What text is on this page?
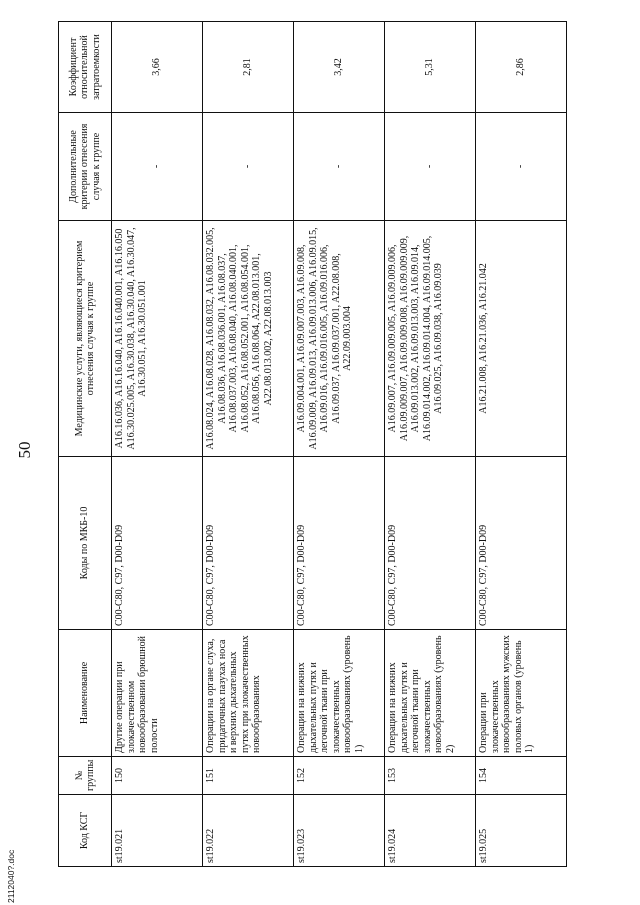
50
2112040?.doc
Код КСГ	№ группы	Наименование	Коды по МКБ-10	Медицинские услуги, являющиеся критерием отнесения случая к группе	Дополнительные критерии отнесения случая к группе	Коэффициент относительной затратоемкости
st19.021	150	Другие операции при злокачественном новообразовании брюшной полости	C00-C80, C97, D00-D09	A16.16.036, A16.16.040, A16.16.040.001, A16.16.050 A16.30.025.005, A16.30.038, A16.30.040, A16.30.047, A16.30.051, A16.30.051.001	-	3,66
st19.022	151	Операции на органе слуха, придаточных пазухах носа и верхних дыхательных путях при злокачественных новообразованиях	C00-C80, C97, D00-D09	A16.08.024, A16.08.028, A16.08.032, A16.08.032.005, A16.08.036, A16.08.036.001, A16.08.037, A16.08.037.003, A16.08.040, A16.08.040.001, A16.08.052, A16.08.052.001, A16.08.054.001, A16.08.056, A16.08.064, A22.08.013.001, A22.08.013.002, A22.08.013.003	-	2,81
st19.023	152	Операции на нижних дыхательных путях и легочной ткани при злокачественных новообразованиях (уровень 1)	C00-C80, C97, D00-D09	A16.09.004.001, A16.09.007.003, A16.09.008, A16.09.009, A16.09.013, A16.09.013.006, A16.09.015, A16.09.016, A16.09.016.005, A16.09.016.006, A16.09.037, A16.09.037.001, A22.08.008, A22.09.003.004	-	3,42
st19.024	153	Операции на нижних дыхательных путях и легочной ткани при злокачественных новообразованиях (уровень 2)	C00-C80, C97, D00-D09	A16.09.007, A16.09.009.005, A16.09.009.006, A16.09.009.007, A16.09.009.008, A16.09.009.009, A16.09.013.002, A16.09.013.003, A16.09.014, A16.09.014.002, A16.09.014.004, A16.09.014.005, A16.09.025, A16.09.038, A16.09.039	-	5,31
st19.025	154	Операции при злокачественных новообразованиях мужских половых органов (уровень 1)	C00-C80, C97, D00-D09	A16.21.008, A16.21.036, A16.21.042	-	2,86
